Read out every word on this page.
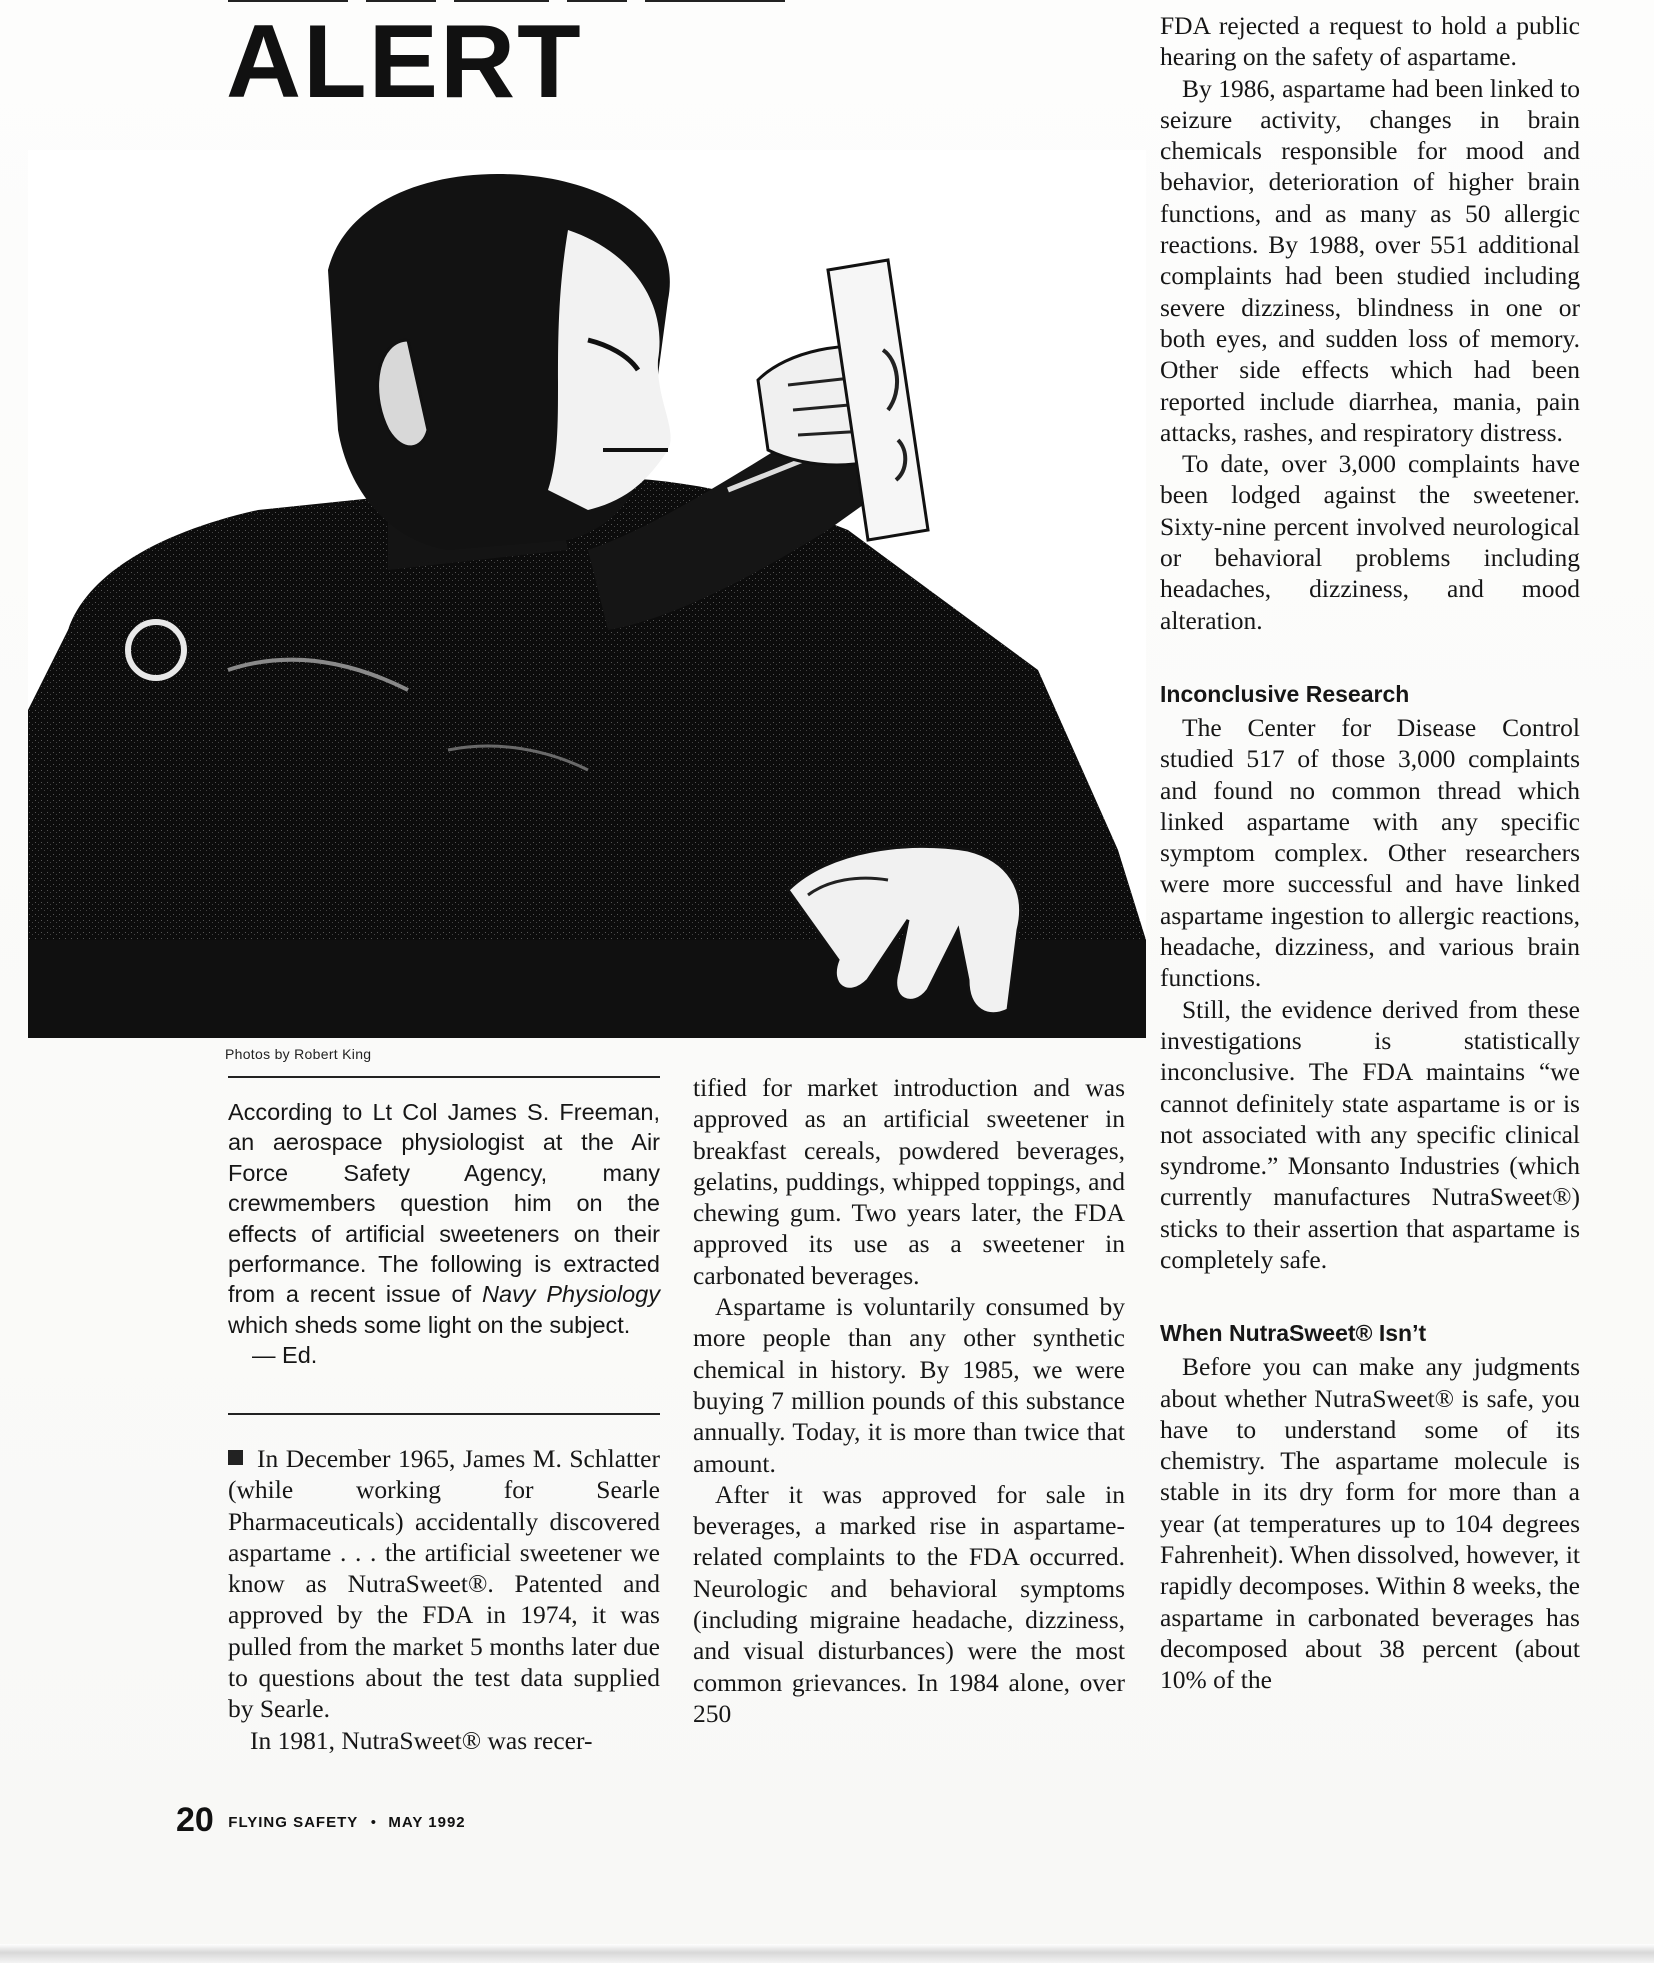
ALERT
Photos by Robert King

According to Lt Col James S. Freeman, an aerospace physiologist at the Air Force Safety Agency, many crewmembers question him on the effects of artificial sweeteners on their performance. The following is extracted from a recent issue of Navy Physiology which sheds some light on the subject.

— Ed.

In December 1965, James M. Schlatter (while working for Searle Pharmaceuticals) accidentally discovered aspartame . . . the artificial sweetener we know as NutraSweet®. Patented and approved by the FDA in 1974, it was pulled from the market 5 months later due to questions about the test data supplied by Searle.

In 1981, NutraSweet® was recer-

tified for market introduction and was approved as an artificial sweetener in breakfast cereals, powdered beverages, gelatins, puddings, whipped toppings, and chewing gum. Two years later, the FDA approved its use as a sweetener in carbonated beverages.

Aspartame is voluntarily consumed by more people than any other synthetic chemical in history. By 1985, we were buying 7 million pounds of this substance annually. Today, it is more than twice that amount.

After it was approved for sale in beverages, a marked rise in aspartame-related complaints to the FDA occurred. Neurologic and behavioral symptoms (including migraine headache, dizziness, and visual disturbances) were the most common grievances. In 1984 alone, over 250

FDA rejected a request to hold a public hearing on the safety of aspartame.

By 1986, aspartame had been linked to seizure activity, changes in brain chemicals responsible for mood and behavior, deterioration of higher brain functions, and as many as 50 allergic reactions. By 1988, over 551 additional complaints had been studied including severe dizziness, blindness in one or both eyes, and sudden loss of memory. Other side effects which had been reported include diarrhea, mania, pain attacks, rashes, and respiratory distress.

To date, over 3,000 complaints have been lodged against the sweetener. Sixty-nine percent involved neurological or behavioral problems including headaches, dizziness, and mood alteration.

Inconclusive Research

The Center for Disease Control studied 517 of those 3,000 complaints and found no common thread which linked aspartame with any specific symptom complex. Other researchers were more successful and have linked aspartame ingestion to allergic reactions, headache, dizziness, and various brain functions.

Still, the evidence derived from these investigations is statistically inconclusive. The FDA maintains “we cannot definitely state aspartame is or is not associated with any specific clinical syndrome.” Monsanto Industries (which currently manufactures NutraSweet®) sticks to their assertion that aspartame is completely safe.

When NutraSweet® Isn’t

Before you can make any judgments about whether NutraSweet® is safe, you have to understand some of its chemistry. The aspartame molecule is stable in its dry form for more than a year (at temperatures up to 104 degrees Fahrenheit). When dissolved, however, it rapidly decomposes. Within 8 weeks, the aspartame in carbonated beverages has decomposed about 38 percent (about 10% of the

20 FLYING SAFETY • MAY 1992
